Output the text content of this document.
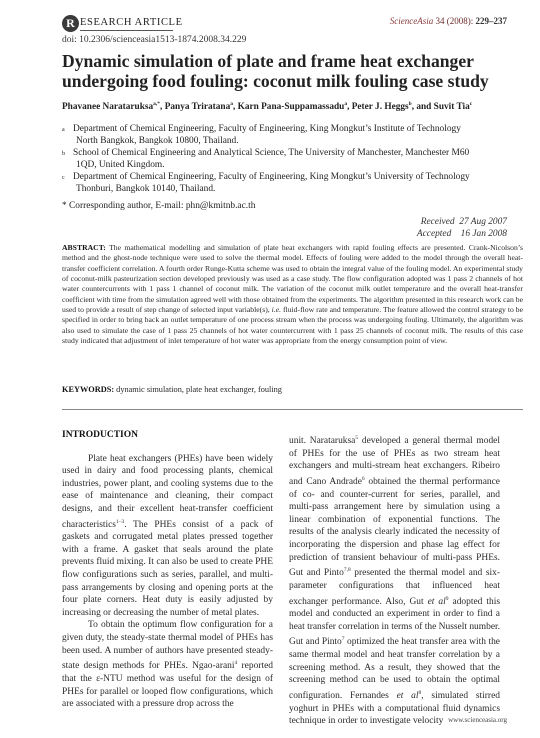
R ESEARCH ARTICLE
doi: 10.2306/scienceasia1513-1874.2008.34.229
ScienceAsia 34 (2008): 229–237
Dynamic simulation of plate and frame heat exchanger undergoing food fouling: coconut milk fouling case study
Phavanee Narataruksa$^{a,*}$, Panya Triratana$^a$, Karn Pana-Suppamassadu$^a$, Peter J. Heggs$^b$, and Suvit Tia$^c$
a Department of Chemical Engineering, Faculty of Engineering, King Mongkut’s Institute of Technology
North Bangkok, Bangkok 10800, Thailand.
b School of Chemical Engineering and Analytical Science, The University of Manchester, Manchester M60
1QD, United Kingdom.
c Department of Chemical Engineering, Faculty of Engineering, King Mongkut’s University of Technology
Thonburi, Bangkok 10140, Thailand.
* Corresponding author, E-mail: phn@kmitnb.ac.th
Received 27 Aug 2007
Accepted 16 Jan 2008
ABSTRACT: The mathematical modelling and simulation of plate heat exchangers with rapid fouling effects are presented. Crank-Nicolson’s method and the ghost-node technique were used to solve the thermal model. Effects of fouling were added to the model through the overall heat-transfer coefficient correlation. A fourth order Runge-Kutta scheme was used to obtain the integral value of the fouling model. An experimental study of coconut-milk pasteurization section developed previously was used as a case study. The flow configuration adopted was 1 pass 2 channels of hot water countercurrents with 1 pass 1 channel of coconut milk. The variation of the coconut milk outlet temperature and the overall heat-transfer coefficient with time from the simulation agreed well with those obtained from the experiments. The algorithm presented in this research work can be used to provide a result of step change of selected input variable(s), i.e. fluid-flow rate and temperature. The feature allowed the control strategy to be specified in order to bring back an outlet temperature of one process stream when the process was undergoing fouling. Ultimately, the algorithm was also used to simulate the case of 1 pass 25 channels of hot water countercurrent with 1 pass 25 channels of coconut milk. The results of this case study indicated that adjustment of inlet temperature of hot water was appropriate from the energy consumption point of view.
KEYWORDS: dynamic simulation, plate heat exchanger, fouling
INTRODUCTION

Plate heat exchangers (PHEs) have been widely used in dairy and food processing plants, chemical industries, power plant, and cooling systems due to the ease of maintenance and cleaning, their compact designs, and their excellent heat-transfer coefficient characteristics$^{1-3}$. The PHEs consist of a pack of gaskets and corrugated metal plates pressed together with a frame. A gasket that seals around the plate prevents fluid mixing. It can also be used to create PHE flow configurations such as series, parallel, and multi-pass arrangements by closing and opening ports at the four plate corners. Heat duty is easily adjusted by increasing or decreasing the number of metal plates.

To obtain the optimum flow configuration for a given duty, the steady-state thermal model of PHEs has been used. A number of authors have presented steady-state design methods for PHEs. Ngao-arani$^4$ reported that the ε-NTU method was useful for the design of PHEs for parallel or looped flow configurations, which are associated with a pressure drop across the

unit. Narataruksa$^5$ developed a general thermal model of PHEs for the use of PHEs as two stream heat exchangers and multi-stream heat exchangers. Ribeiro and Cano Andrade$^6$ obtained the thermal performance of co- and counter-current for series, parallel, and multi-pass arrangement here by simulation using a linear combination of exponential functions. The results of the analysis clearly indicated the necessity of incorporating the dispersion and phase lag effect for prediction of transient behaviour of multi-pass PHEs. Gut and Pinto$^{7,8}$ presented the thermal model and six-parameter configurations that influenced heat exchanger performance. Also, Gut et $al^9$ adopted this model and conducted an experiment in order to find a heat transfer correlation in terms of the Nusselt number. Gut and Pinto$^7$ optimized the heat transfer area with the same thermal model and heat transfer correlation by a screening method. As a result, they showed that the screening method can be used to obtain the optimal configuration. Fernandes et $al^8$, simulated stirred yoghurt in PHEs with a computational fluid dynamics technique in order to investigate velocity www.scienceasia.org
